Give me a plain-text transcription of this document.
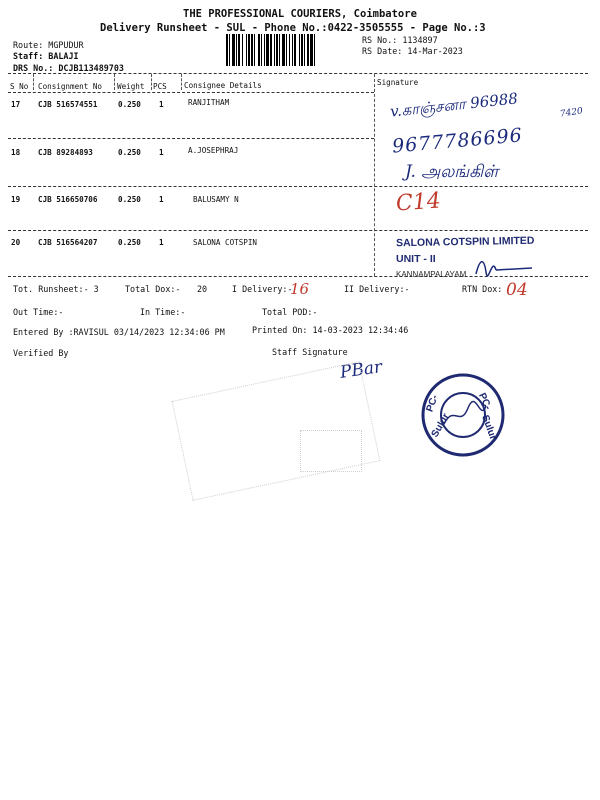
THE PROFESSIONAL COURIERS, Coimbatore
Delivery Runsheet - SUL - Phone No.:0422-3505555 - Page No.:3
Route: MGPUDUR
Staff: BALAJI
DRS No.: DCJB113489703
RS No.: 1134897
RS Date: 14-Mar-2023
S No Consignment No Weight PCS Consignee Details	Signature
17 CJB 516574551	0.250 1	RANJITHAM
18 CJB 89284893	0.250 1	A.JOSEPHRAJ
19 CJB 516650706	0.250 1	BALUSAMY N
20 CJB 516564207	0.250 1	SALONA COTSPIN
v.காஞ்சனா 96988	7420
9677786696
J. அலங்கிள்
C14
SALONA COTSPIN LIMITED
UNIT - II
KANNAMPALAYAM
Tot. Runsheet:- 3	Total Dox:- 20	I Delivery:-
16	II Delivery:-	RTN Dox: 04
Out Time:-	In Time:-	Total POD:-
Entered By :RAVISUL 03/14/2023 12:34:06 PM	Printed On: 14-03-2023 12:34:46
Verified By	Staff Signature
PBar
PC-	PC-
Sulur	Sulur
